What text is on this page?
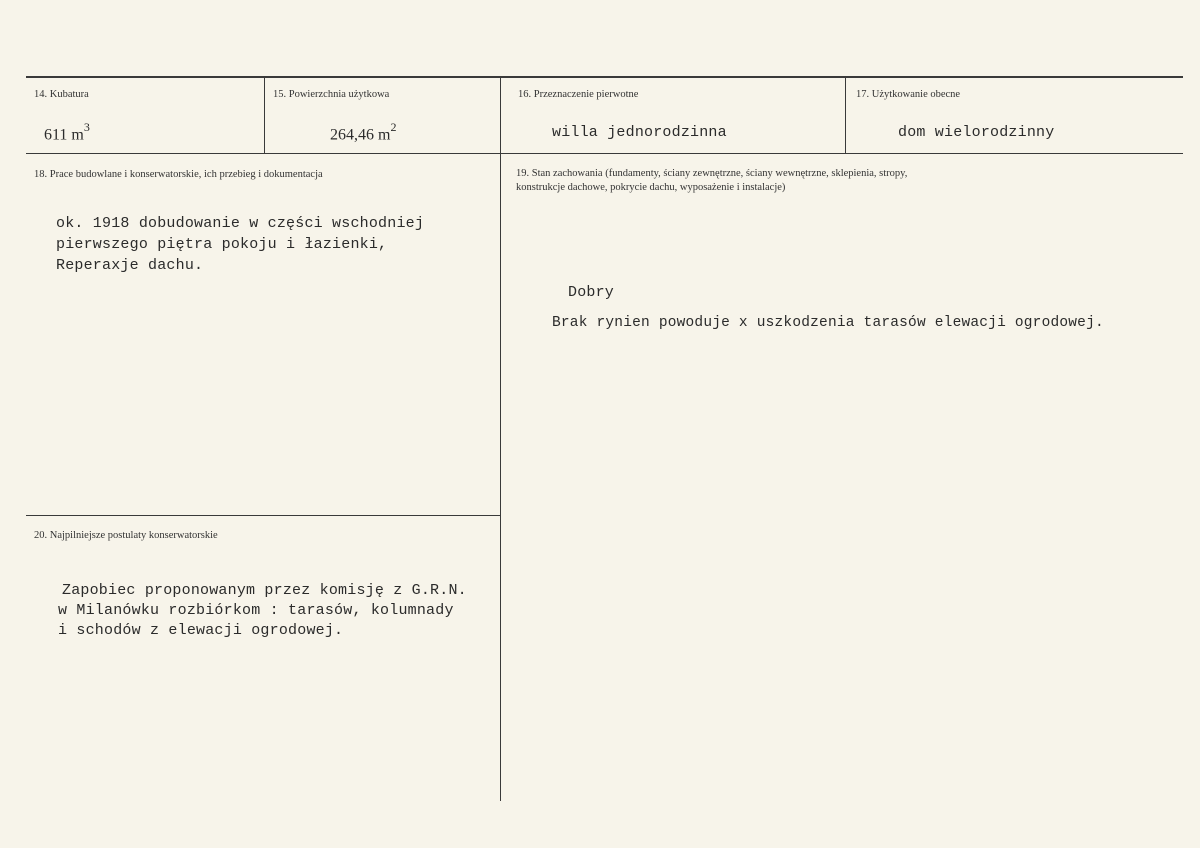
14. Kubatura
611 $m^3$
15. Powierzchnia użytkowa
264,46 $m^2$
16. Przeznaczenie pierwotne
willa jednorodzinna
17. Użytkowanie obecne
dom wielorodzinny
18. Prace budowlane i konserwatorskie, ich przebieg i dokumentacja

ok. 1918 dobudowanie w części wschodniej

pierwszego piętra pokoju i łazienki,

Reperaxje dachu.

19. Stan zachowania (fundamenty, ściany zewnętrzne, ściany wewnętrzne, sklepienia, stropy,
konstrukcje dachowe, pokrycie dachu, wyposażenie i instalacje)
Dobry
Brak rynien powoduje x uszkodzenia tarasów elewacji ogrodowej.
20. Najpilniejsze postulaty konserwatorskie

Zapobiec proponowanym przez komisję z G.R.N.

w Milanówku rozbiórkom : tarasów, kolumnady

i schodów z elewacji ogrodowej.
